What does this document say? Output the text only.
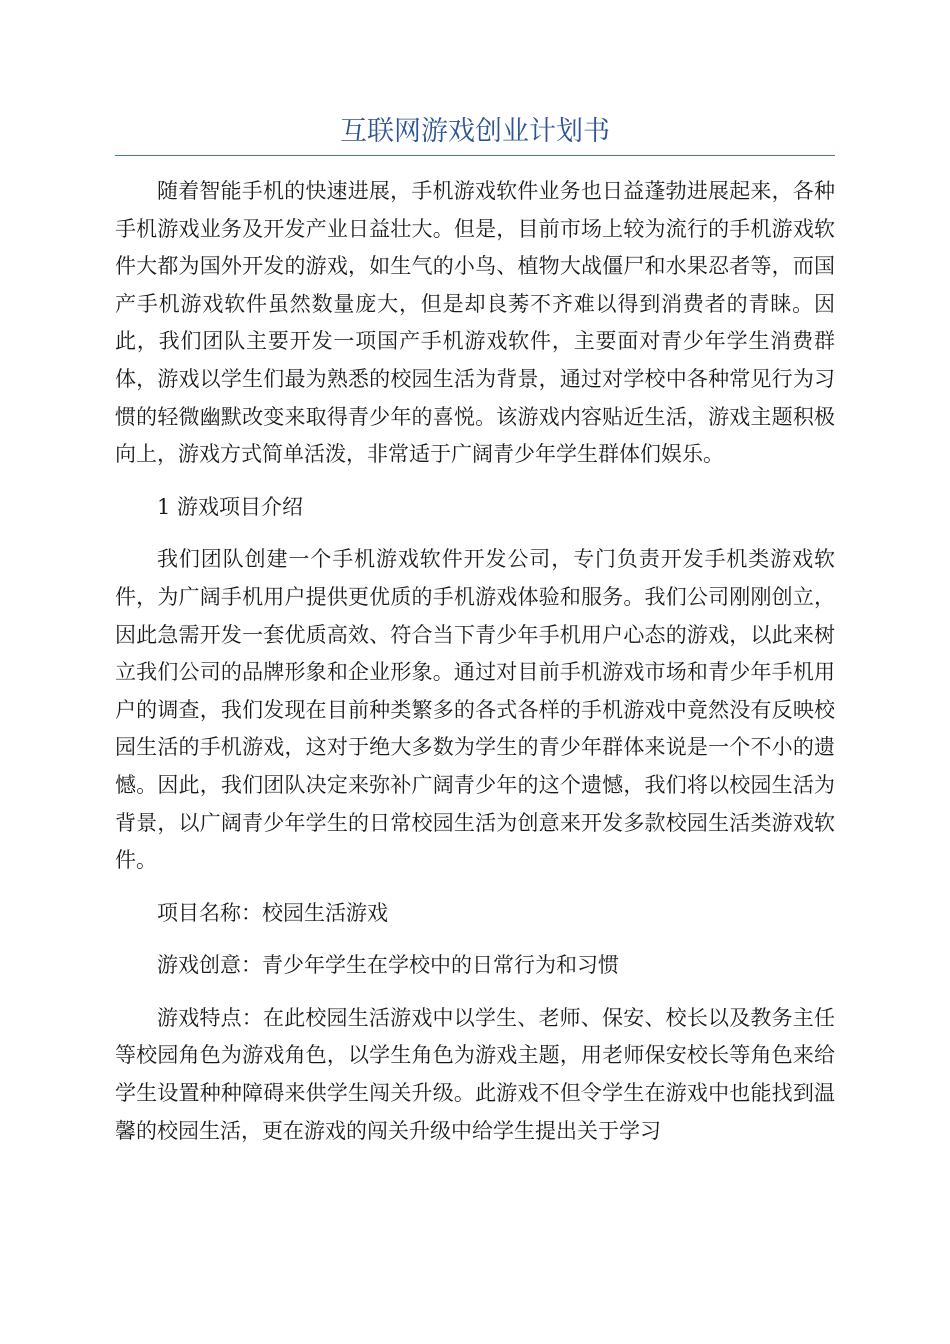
互联网游戏创业计划书

随着智能手机的快速进展，手机游戏软件业务也日益蓬勃进展起来，各种手机游戏业务及开发产业日益壮大。但是，目前市场上较为流行的手机游戏软件大都为国外开发的游戏，如生气的小鸟、植物大战僵尸和水果忍者等，而国产手机游戏软件虽然数量庞大，但是却良莠不齐难以得到消费者的青睐。因此，我们团队主要开发一项国产手机游戏软件，主要面对青少年学生消费群体，游戏以学生们最为熟悉的校园生活为背景，通过对学校中各种常见行为习惯的轻微幽默改变来取得青少年的喜悦。该游戏内容贴近生活，游戏主题积极向上，游戏方式简单活泼，非常适于广阔青少年学生群体们娱乐。

1 游戏项目介绍

我们团队创建一个手机游戏软件开发公司，专门负责开发手机类游戏软件，为广阔手机用户提供更优质的手机游戏体验和服务。我们公司刚刚创立，因此急需开发一套优质高效、符合当下青少年手机用户心态的游戏，以此来树立我们公司的品牌形象和企业形象。通过对目前手机游戏市场和青少年手机用户的调查，我们发现在目前种类繁多的各式各样的手机游戏中竟然没有反映校园生活的手机游戏，这对于绝大多数为学生的青少年群体来说是一个不小的遗憾。因此，我们团队决定来弥补广阔青少年的这个遗憾，我们将以校园生活为背景，以广阔青少年学生的日常校园生活为创意来开发多款校园生活类游戏软件。

项目名称：校园生活游戏

游戏创意：青少年学生在学校中的日常行为和习惯

游戏特点：在此校园生活游戏中以学生、老师、保安、校长以及教务主任等校园角色为游戏角色，以学生角色为游戏主题，用老师保安校长等角色来给学生设置种种障碍来供学生闯关升级。此游戏不但令学生在游戏中也能找到温馨的校园生活，更在游戏的闯关升级中给学生提出关于学习
